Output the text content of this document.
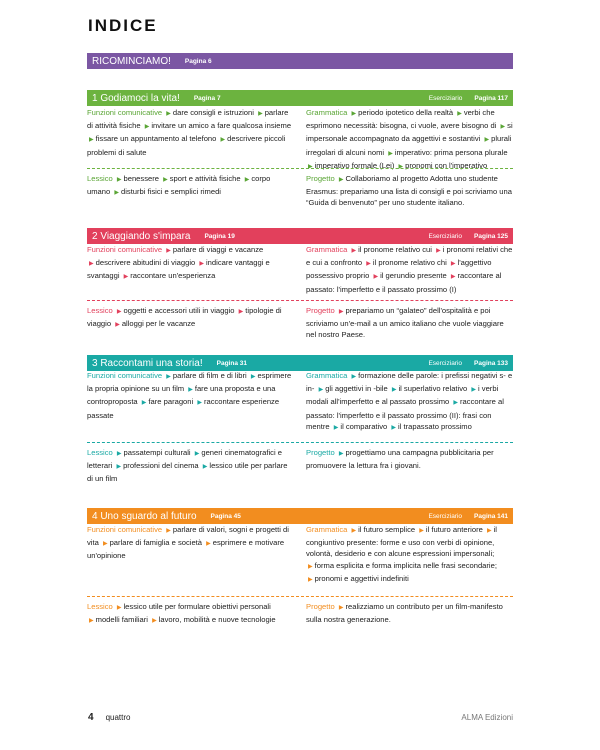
INDICE
RICOMINCIAMO! Pagina 6
1 Godiamoci la vita! Pagina 7	Eserciziario Pagina 117
Funzioni comunicative ▶ dare consigli e istruzioni ▶ parlare di attività fisiche ▶ invitare un amico a fare qualcosa insieme ▶ fissare un appuntamento al telefono ▶ descrivere piccoli problemi di salute
Grammatica ▶ periodo ipotetico della realtà ▶ verbi che esprimono necessità: bisogna, ci vuole, avere bisogno di ▶ si impersonale accompagnato da aggettivi e sostantivi ▶ plurali irregolari di alcuni nomi ▶ imperativo: prima persona plurale ▶ imperativo formale (Lei) ▶ pronomi con l'imperativo
Lessico ▶ benessere ▶ sport e attività fisiche ▶ corpo umano ▶ disturbi fisici e semplici rimedi
Progetto ▶ Collaboriamo al progetto Adotta uno studente Erasmus: prepariamo una lista di consigli e poi scriviamo una “Guida di benvenuto” per uno studente italiano.
2 Viaggiando s'impara Pagina 19	Eserciziario Pagina 125
Funzioni comunicative ▶ parlare di viaggi e vacanze ▶ descrivere abitudini di viaggio ▶ indicare vantaggi e svantaggi ▶ raccontare un'esperienza
Grammatica ▶ il pronome relativo cui ▶ i pronomi relativi che e cui a confronto ▶ il pronome relativo chi ▶ l'aggettivo possessivo proprio ▶ il gerundio presente ▶ raccontare al passato: l'imperfetto e il passato prossimo (I)
Lessico ▶ oggetti e accessori utili in viaggio ▶ tipologie di viaggio ▶ alloggi per le vacanze
Progetto ▶ prepariamo un “galateo” dell'ospitalità e poi scriviamo un'e-mail a un amico italiano che vuole viaggiare nel nostro Paese.
3 Raccontami una storia! Pagina 31	Eserciziario Pagina 133
Funzioni comunicative ▶ parlare di film e di libri ▶ esprimere la propria opinione su un film ▶ fare una proposta e una controproposta ▶ fare paragoni ▶ raccontare esperienze passate
Grammatica ▶ formazione delle parole: i prefissi negativi s- e in- ▶ gli aggettivi in -bile ▶ il superlativo relativo ▶ i verbi modali all'imperfetto e al passato prossimo ▶ raccontare al passato: l'imperfetto e il passato prossimo (II): frasi con mentre ▶ il comparativo ▶ il trapassato prossimo
Lessico ▶ passatempi culturali ▶ generi cinematografici e letterari ▶ professioni del cinema ▶ lessico utile per parlare di un film
Progetto ▶ progettiamo una campagna pubblicitaria per promuovere la lettura fra i giovani.
4 Uno sguardo al futuro Pagina 45	Eserciziario Pagina 141
Funzioni comunicative ▶ parlare di valori, sogni e progetti di vita ▶ parlare di famiglia e società ▶ esprimere e motivare un'opinione
Grammatica ▶ il futuro semplice ▶ il futuro anteriore ▶ il congiuntivo presente: forme e uso con verbi di opinione, volontà, desiderio e con alcune espressioni impersonali; ▶ forma esplicita e forma implicita nelle frasi secondarie; ▶ pronomi e aggettivi indefiniti
Lessico ▶ lessico utile per formulare obiettivi personali ▶ modelli familiari ▶ lavoro, mobilità e nuove tecnologie
Progetto ▶ realizziamo un contributo per un film-manifesto sulla nostra generazione.
4 quattro	ALMA Edizioni
